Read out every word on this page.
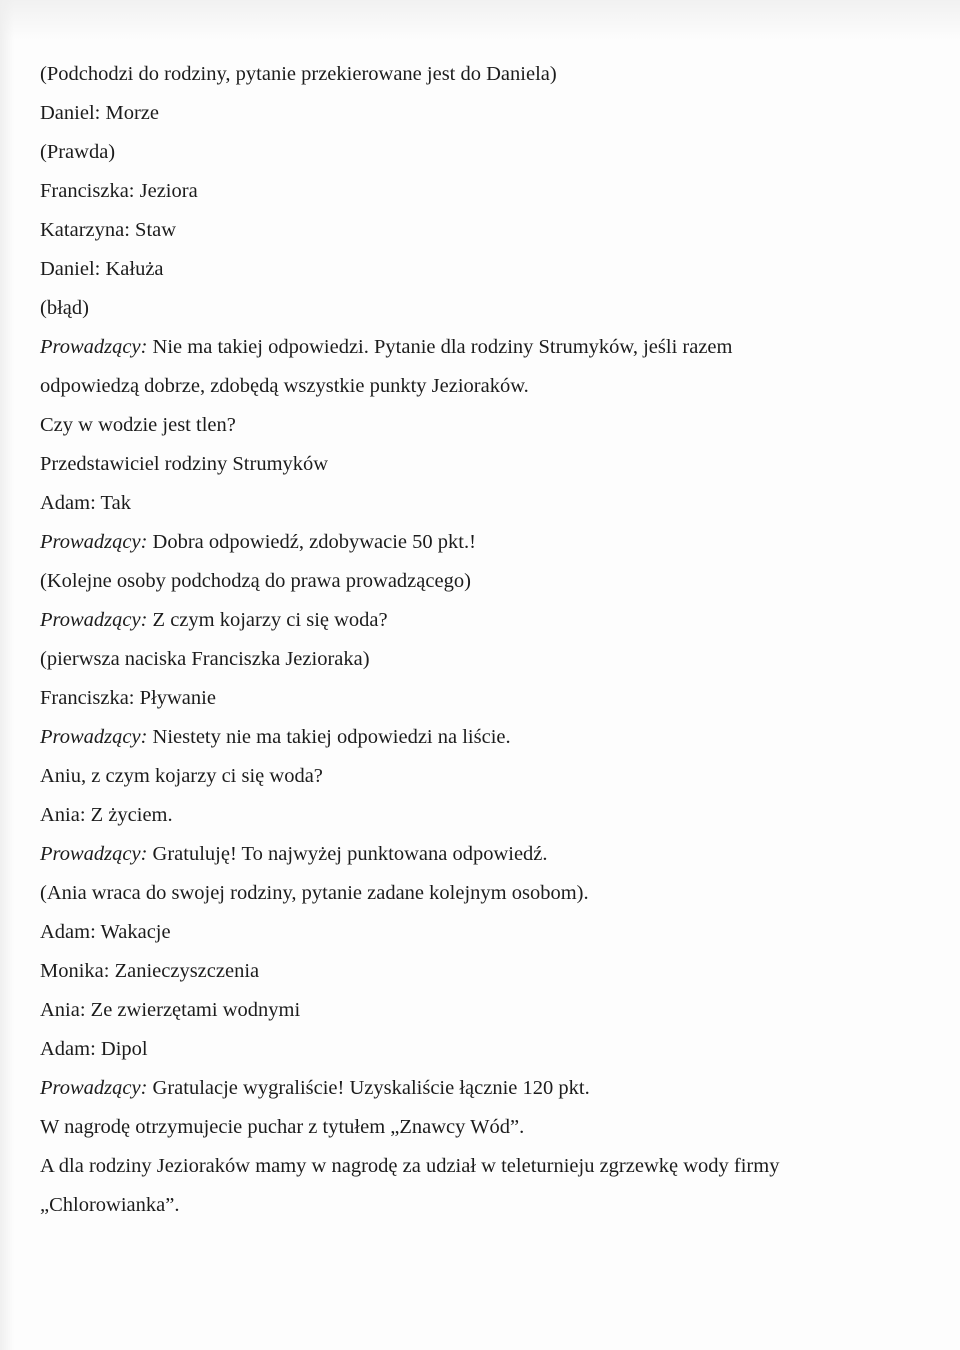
(Podchodzi do rodziny, pytanie przekierowane jest do Daniela)
Daniel: Morze
(Prawda)
Franciszka: Jeziora
Katarzyna: Staw
Daniel: Kałuża
(błąd)
Prowadzący: Nie ma takiej odpowiedzi. Pytanie dla rodziny Strumyków, jeśli razem
odpowiedzą dobrze, zdobędą wszystkie punkty Jezioraków.
Czy w wodzie jest tlen?
Przedstawiciel rodziny Strumyków
Adam: Tak
Prowadzący: Dobra odpowiedź, zdobywacie 50 pkt.!
(Kolejne osoby podchodzą do prawa prowadzącego)
Prowadzący: Z czym kojarzy ci się woda?
(pierwsza naciska Franciszka Jezioraka)
Franciszka: Pływanie
Prowadzący: Niestety nie ma takiej odpowiedzi na liście.
Aniu, z czym kojarzy ci się woda?
Ania: Z życiem.
Prowadzący: Gratuluję! To najwyżej punktowana odpowiedź.
(Ania wraca do swojej rodziny, pytanie zadane kolejnym osobom).
Adam: Wakacje
Monika: Zanieczyszczenia
Ania: Ze zwierzętami wodnymi
Adam: Dipol
Prowadzący: Gratulacje wygraliście! Uzyskaliście łącznie 120 pkt.
W nagrodę otrzymujecie puchar z tytułem „Znawcy Wód”.
A dla rodziny Jezioraków mamy w nagrodę za udział w teleturnieju zgrzewkę wody firmy
„Chlorowianka”.
